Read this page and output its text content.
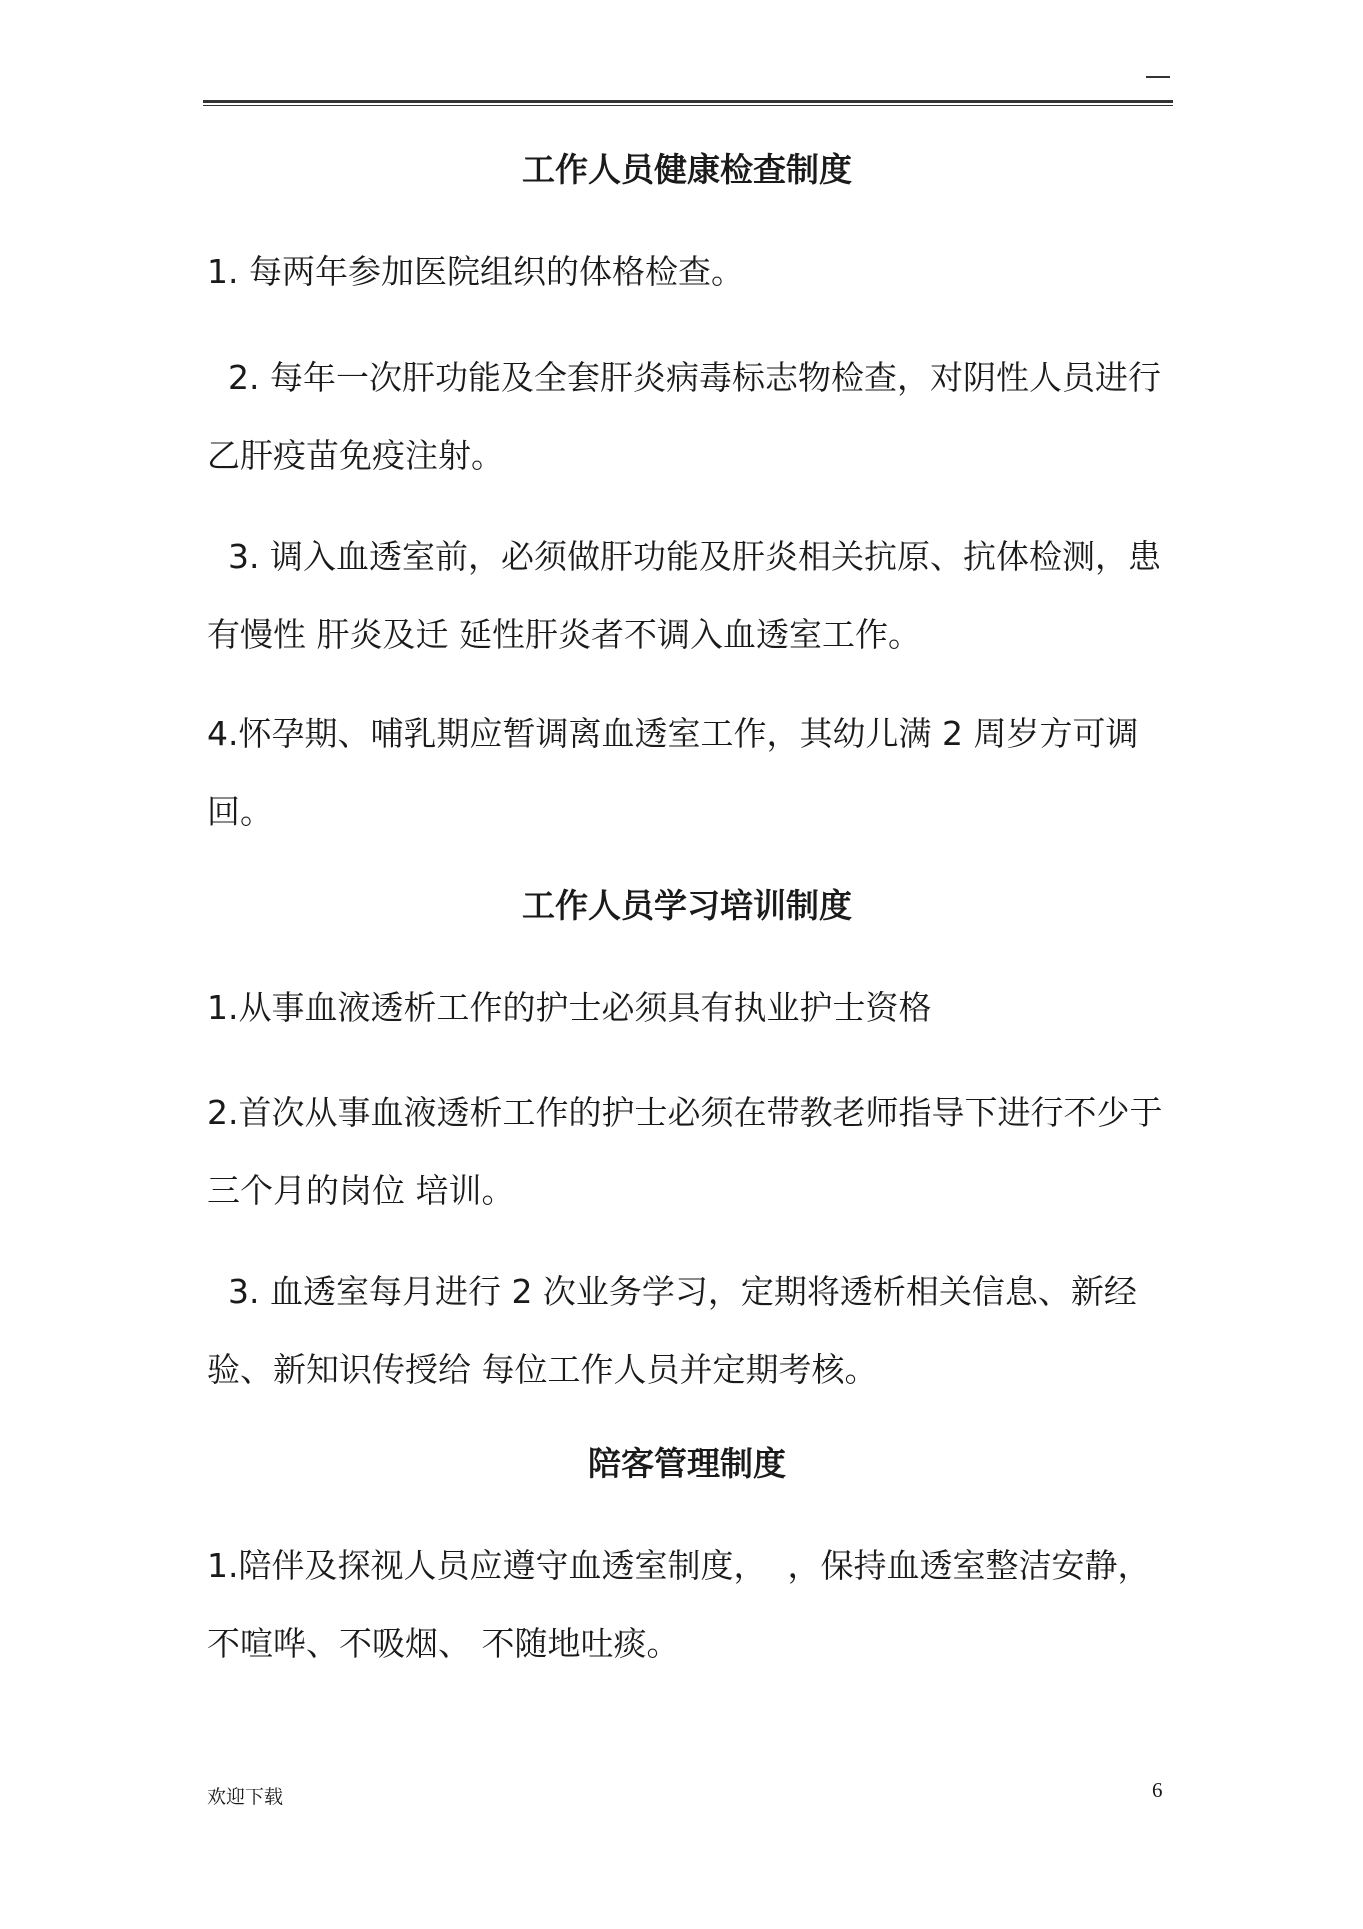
工作人员健康检查制度

1. 每两年参加医院组织的体格检查。

2. 每年一次肝功能及全套肝炎病毒标志物检查，对阴性人员进行乙肝疫苗免疫注射。

3. 调入血透室前，必须做肝功能及肝炎相关抗原、抗体检测，患有慢性 肝炎及迁 延性肝炎者不调入血透室工作。

4.怀孕期、哺乳期应暂调离血透室工作，其幼儿满 2 周岁方可调回。

工作人员学习培训制度

1.从事血液透析工作的护士必须具有执业护士资格

2.首次从事血液透析工作的护士必须在带教老师指导下进行不少于三个月的岗位 培训。

3. 血透室每月进行 2 次业务学习，定期将透析相关信息、新经验、新知识传授给 每位工作人员并定期考核。

陪客管理制度

1.陪伴及探视人员应遵守血透室制度，  ，保持血透室整洁安静，不喧哗、不吸烟、 不随地吐痰。

欢迎下载	6
